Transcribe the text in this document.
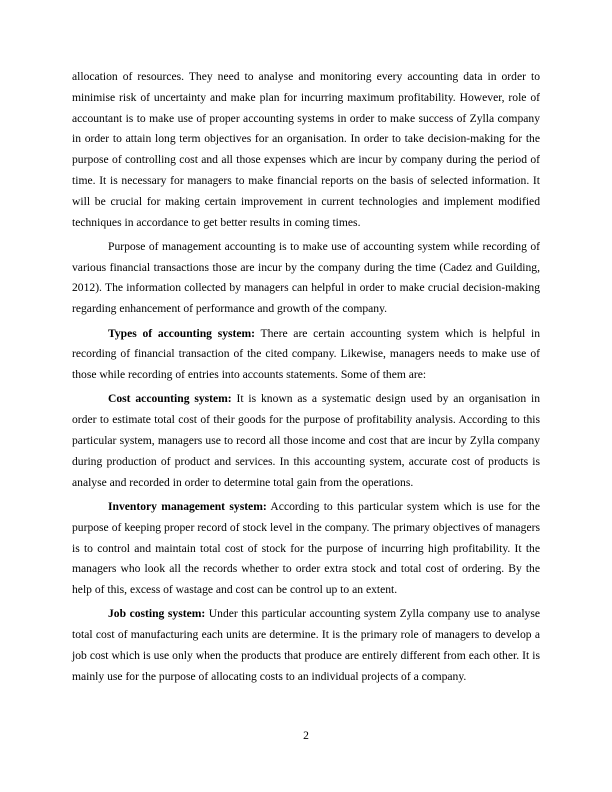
allocation of resources. They need to analyse and monitoring every accounting data in order to minimise risk of uncertainty and make plan for incurring maximum profitability. However, role of accountant is to make use of proper accounting systems in order to make success of Zylla company in order to attain long term objectives for an organisation. In order to take decision-making for the purpose of controlling cost and all those expenses which are incur by company during the period of time. It is necessary for managers to make financial reports on the basis of selected information. It will be crucial for making certain improvement in current technologies and implement modified techniques in accordance to get better results in coming times.

Purpose of management accounting is to make use of accounting system while recording of various financial transactions those are incur by the company during the time (Cadez and Guilding, 2012). The information collected by managers can helpful in order to make crucial decision-making regarding enhancement of performance and growth of the company.

Types of accounting system: There are certain accounting system which is helpful in recording of financial transaction of the cited company. Likewise, managers needs to make use of those while recording of entries into accounts statements. Some of them are:

Cost accounting system: It is known as a systematic design used by an organisation in order to estimate total cost of their goods for the purpose of profitability analysis. According to this particular system, managers use to record all those income and cost that are incur by Zylla company during production of product and services. In this accounting system, accurate cost of products is analyse and recorded in order to determine total gain from the operations.

Inventory management system: According to this particular system which is use for the purpose of keeping proper record of stock level in the company. The primary objectives of managers is to control and maintain total cost of stock for the purpose of incurring high profitability. It the managers who look all the records whether to order extra stock and total cost of ordering. By the help of this, excess of wastage and cost can be control up to an extent.

Job costing system: Under this particular accounting system Zylla company use to analyse total cost of manufacturing each units are determine. It is the primary role of managers to develop a job cost which is use only when the products that produce are entirely different from each other. It is mainly use for the purpose of allocating costs to an individual projects of a company.

2
